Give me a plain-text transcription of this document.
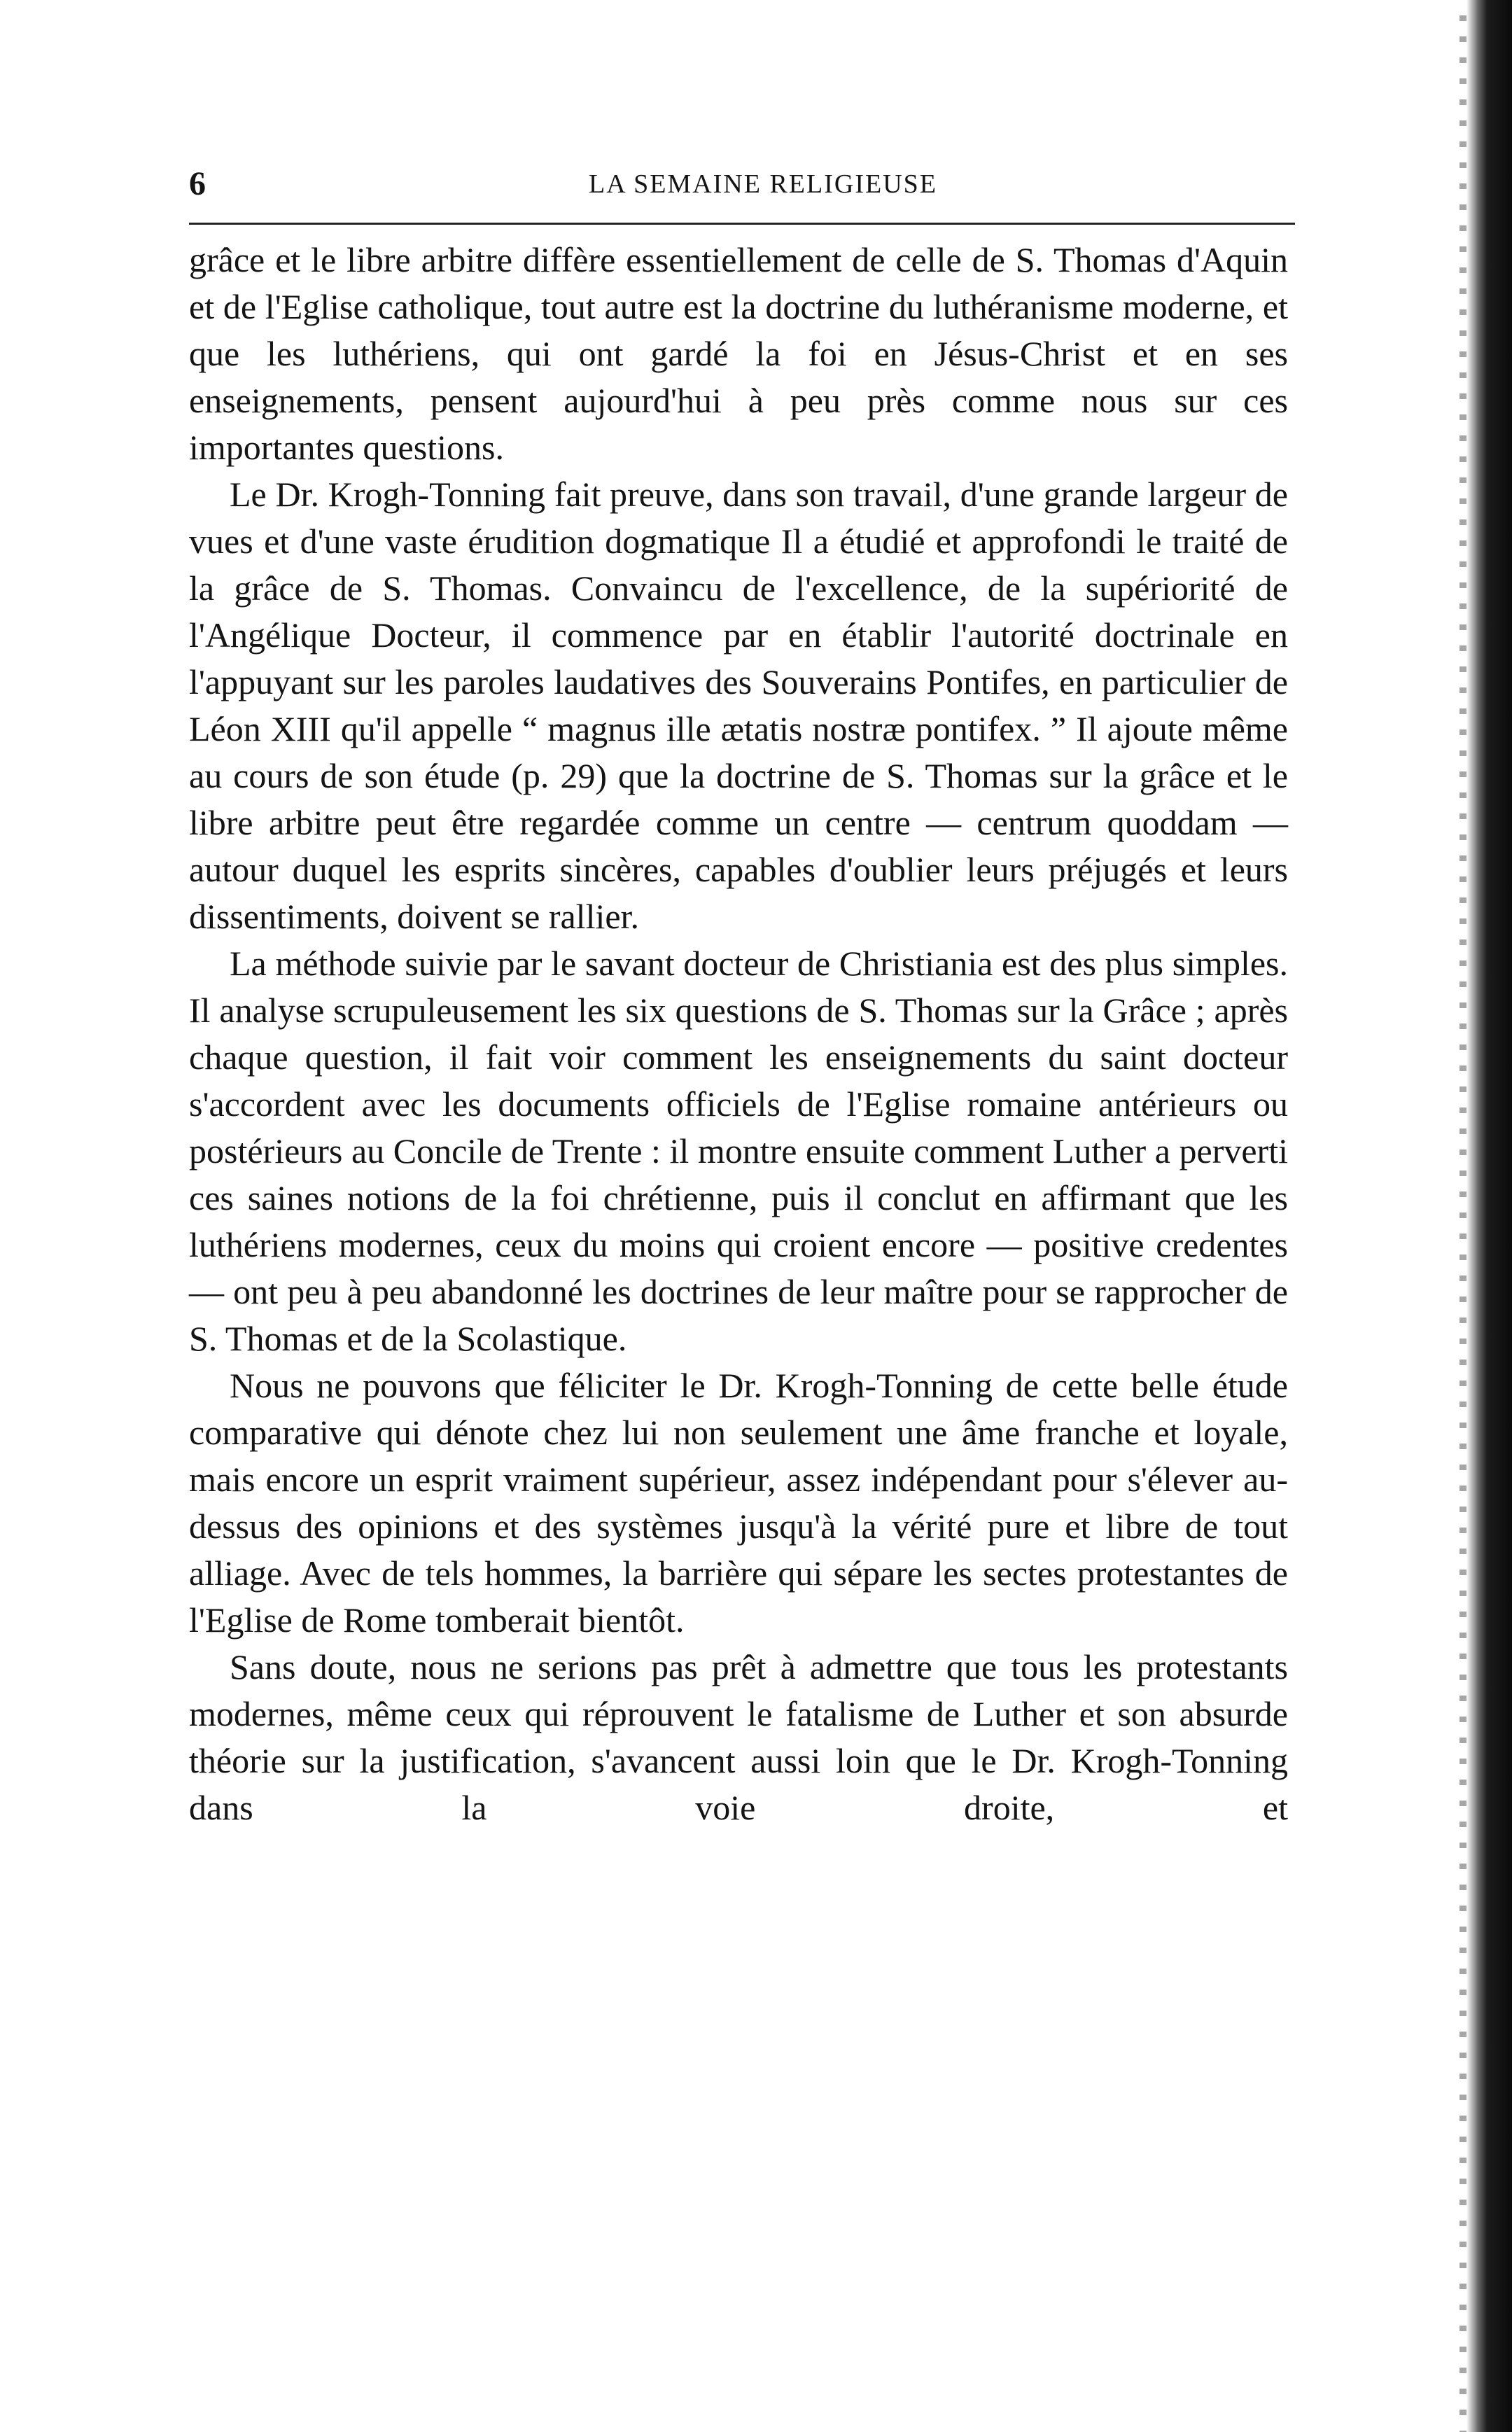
6	LA SEMAINE RELIGIEUSE

grâce et le libre arbitre diffère essentiellement de celle de S. Thomas d'Aquin et de l'Eglise catholique, tout autre est la doctrine du luthéranisme moderne, et que les luthériens, qui ont gardé la foi en Jésus-Christ et en ses enseignements, pensent aujourd'hui à peu près comme nous sur ces importantes questions.

Le Dr. Krogh-Tonning fait preuve, dans son travail, d'une grande largeur de vues et d'une vaste érudition dogmatique Il a étudié et approfondi le traité de la grâce de S. Thomas. Convaincu de l'excellence, de la supériorité de l'Angélique Docteur, il commence par en établir l'autorité doctrinale en l'appuyant sur les paroles laudatives des Souverains Pontifes, en particulier de Léon XIII qu'il appelle “ magnus ille ætatis nostræ pontifex. ” Il ajoute même au cours de son étude (p. 29) que la doctrine de S. Thomas sur la grâce et le libre arbitre peut être regardée comme un centre — centrum quoddam — autour duquel les esprits sincères, capables d'oublier leurs préjugés et leurs dissentiments, doivent se rallier.

La méthode suivie par le savant docteur de Christiania est des plus simples. Il analyse scrupuleusement les six questions de S. Thomas sur la Grâce ; après chaque question, il fait voir comment les enseignements du saint docteur s'accordent avec les documents officiels de l'Eglise romaine antérieurs ou postérieurs au Concile de Trente : il montre ensuite comment Luther a perverti ces saines notions de la foi chrétienne, puis il conclut en affirmant que les luthériens modernes, ceux du moins qui croient encore — positive credentes — ont peu à peu abandonné les doctrines de leur maître pour se rapprocher de S. Thomas et de la Scolastique.

Nous ne pouvons que féliciter le Dr. Krogh-Tonning de cette belle étude comparative qui dénote chez lui non seulement une âme franche et loyale, mais encore un esprit vraiment supérieur, assez indépendant pour s'élever au-dessus des opinions et des systèmes jusqu'à la vérité pure et libre de tout alliage. Avec de tels hommes, la barrière qui sépare les sectes protestantes de l'Eglise de Rome tomberait bientôt.

Sans doute, nous ne serions pas prêt à admettre que tous les protestants modernes, même ceux qui réprouvent le fatalisme de Luther et son absurde théorie sur la justification, s'avancent aussi loin que le Dr. Krogh-Tonning dans la voie droite, et
